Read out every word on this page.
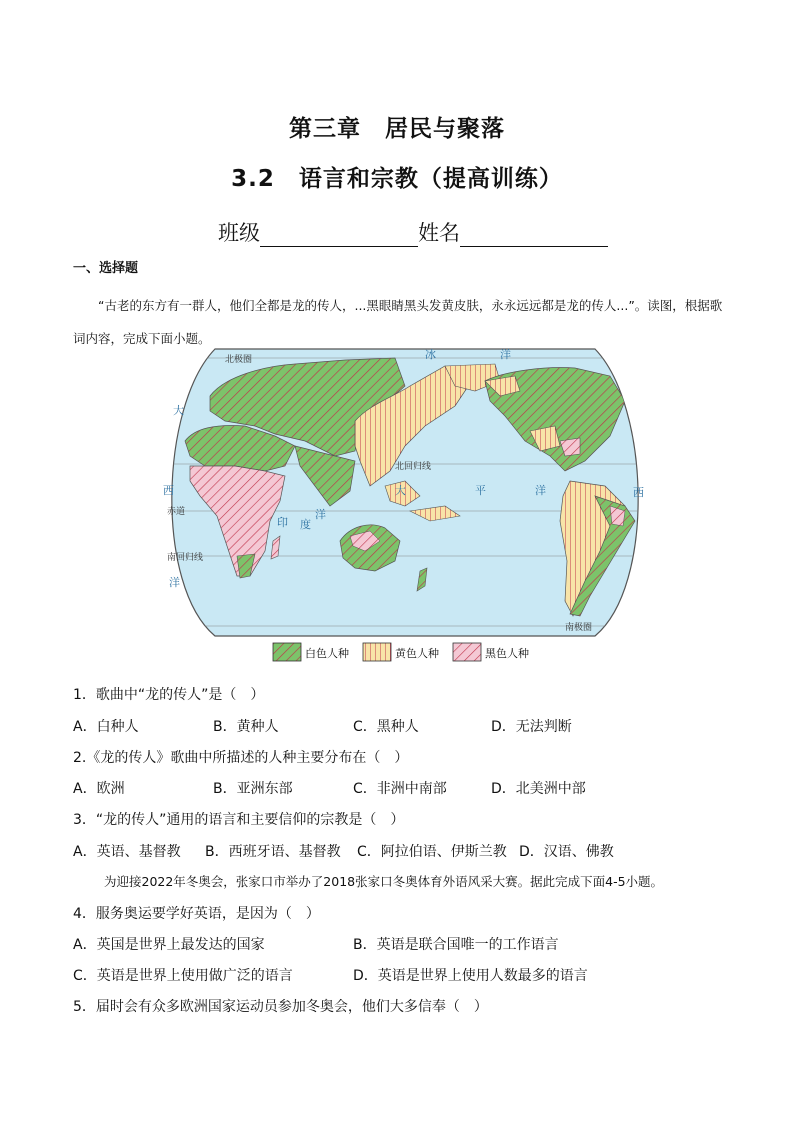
第三章　居民与聚落
3.2　语言和宗教（提高训练）
班级	姓名
一、选择题
“古老的东方有一群人，他们全都是龙的传人，...黑眼睛黑头发黄皮肤，永永远远都是龙的传人...”。读图，根据歌词内容，完成下面小题。
北极圈
北回归线
赤道
南回归线
南极圈
大
西
洋
印 度
洋
冰	洋
大	平	洋	西
白色人种	黄色人种	黑色人种
1．歌曲中“龙的传人”是（　）
A．白种人	B．黄种人	C．黑种人	D．无法判断
2.《龙的传人》歌曲中所描述的人种主要分布在（　）
A．欧洲	B．亚洲东部	C．非洲中南部	D．北美洲中部
3．“龙的传人”通用的语言和主要信仰的宗教是（　）
A．英语、基督教 B．西班牙语、基督教 C．阿拉伯语、伊斯兰教 D．汉语、佛教
为迎接2022年冬奥会，张家口市举办了2018张家口冬奥体育外语风采大赛。据此完成下面4-5小题。
4．服务奥运要学好英语，是因为（　）
A．英国是世界上最发达的国家	B．英语是联合国唯一的工作语言
C．英语是世界上使用做广泛的语言	D．英语是世界上使用人数最多的语言
5．届时会有众多欧洲国家运动员参加冬奥会，他们大多信奉（　）
